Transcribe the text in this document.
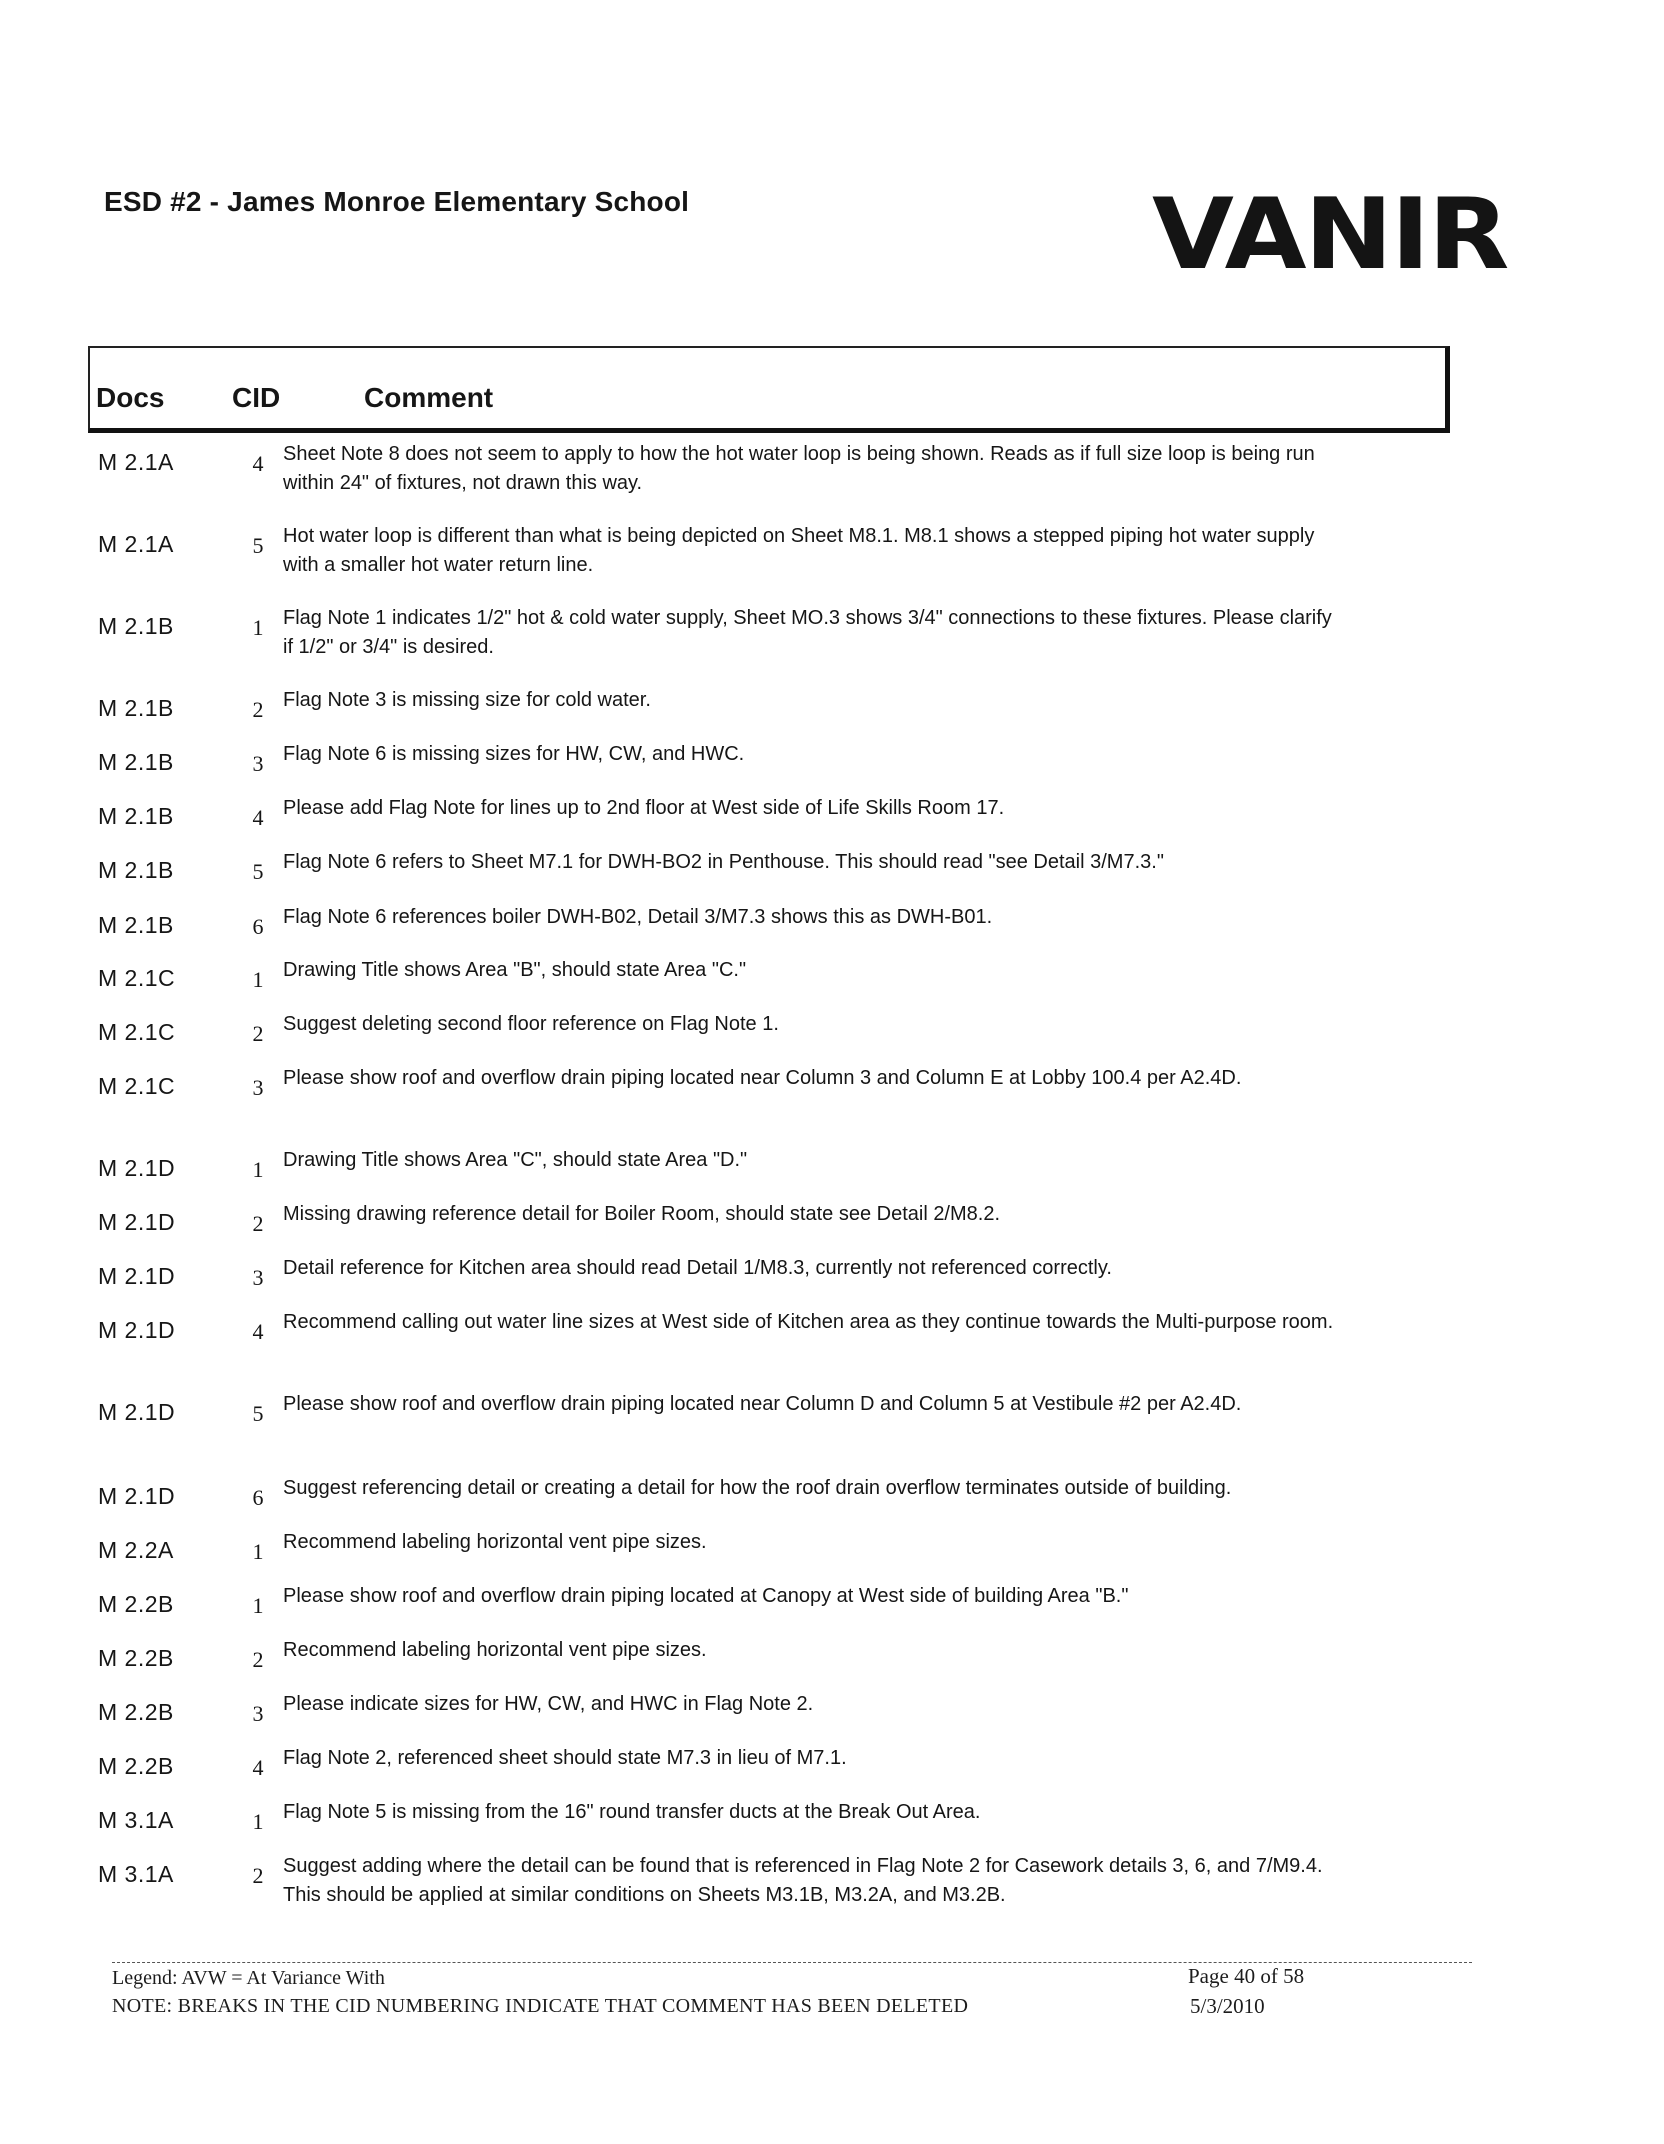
ESD #2 - James Monroe Elementary School	VANIR
Docs CID	Comment
M 2.1A	4 Sheet Note 8 does not seem to apply to how the hot water loop is being shown. Reads as if full size loop is being run within 24" of fixtures, not drawn this way.
M 2.1A	5 Hot water loop is different than what is being depicted on Sheet M8.1. M8.1 shows a stepped piping hot water supply with a smaller hot water return line.
M 2.1B	1 Flag Note 1 indicates 1/2" hot & cold water supply, Sheet MO.3 shows 3/4" connections to these fixtures. Please clarify if 1/2" or 3/4" is desired.
M 2.1B	2 Flag Note 3 is missing size for cold water.
M 2.1B	3 Flag Note 6 is missing sizes for HW, CW, and HWC.
M 2.1B	4 Please add Flag Note for lines up to 2nd floor at West side of Life Skills Room 17.
M 2.1B	5 Flag Note 6 refers to Sheet M7.1 for DWH-BO2 in Penthouse. This should read "see Detail 3/M7.3."
M 2.1B	6 Flag Note 6 references boiler DWH-B02, Detail 3/M7.3 shows this as DWH-B01.
M 2.1C	1 Drawing Title shows Area "B", should state Area "C."
M 2.1C	2 Suggest deleting second floor reference on Flag Note 1.
M 2.1C	3 Please show roof and overflow drain piping located near Column 3 and Column E at Lobby 100.4 per A2.4D.
M 2.1D	1 Drawing Title shows Area "C", should state Area "D."
M 2.1D	2 Missing drawing reference detail for Boiler Room, should state see Detail 2/M8.2.
M 2.1D	3 Detail reference for Kitchen area should read Detail 1/M8.3, currently not referenced correctly.
M 2.1D	4 Recommend calling out water line sizes at West side of Kitchen area as they continue towards the Multi-purpose room.
M 2.1D	5 Please show roof and overflow drain piping located near Column D and Column 5 at Vestibule #2 per A2.4D.
M 2.1D	6 Suggest referencing detail or creating a detail for how the roof drain overflow terminates outside of building.
M 2.2A	1 Recommend labeling horizontal vent pipe sizes.
M 2.2B	1 Please show roof and overflow drain piping located at Canopy at West side of building Area "B."
M 2.2B	2 Recommend labeling horizontal vent pipe sizes.
M 2.2B	3 Please indicate sizes for HW, CW, and HWC in Flag Note 2.
M 2.2B	4 Flag Note 2, referenced sheet should state M7.3 in lieu of M7.1.
M 3.1A	1 Flag Note 5 is missing from the 16" round transfer ducts at the Break Out Area.
M 3.1A	2 Suggest adding where the detail can be found that is referenced in Flag Note 2 for Casework details 3, 6, and 7/M9.4. This should be applied at similar conditions on Sheets M3.1B, M3.2A, and M3.2B.
Legend: AVW = At Variance With
NOTE: BREAKS IN THE CID NUMBERING INDICATE THAT COMMENT HAS BEEN DELETED
Page 40 of 58
5/3/2010
